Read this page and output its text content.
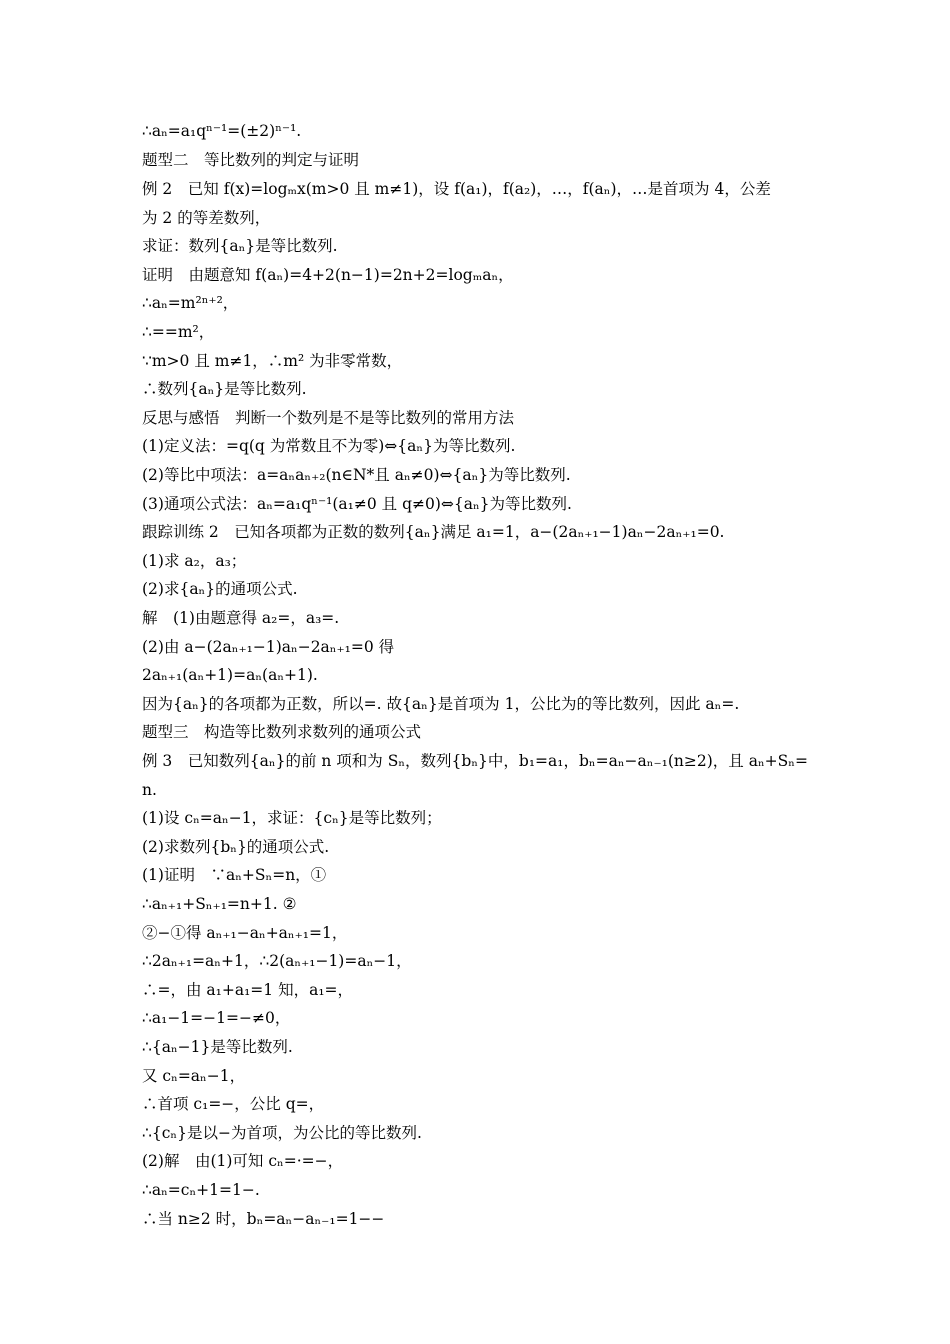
∴aₙ=a₁qⁿ⁻¹=(±2)ⁿ⁻¹.
题型二　等比数列的判定与证明
例 2　已知 f(x)=logₘx(m>0 且 m≠1)，设 f(a₁)，f(a₂)，…，f(aₙ)，…是首项为 4，公差
为 2 的等差数列，
求证：数列{aₙ}是等比数列.
证明　由题意知 f(aₙ)=4+2(n−1)=2n+2=logₘaₙ，
∴aₙ=m²ⁿ⁺²，
∴==m²，
∵m>0 且 m≠1，∴m² 为非零常数，
∴数列{aₙ}是等比数列.
反思与感悟　判断一个数列是不是等比数列的常用方法
(1)定义法：=q(q 为常数且不为零)⇔{aₙ}为等比数列.
(2)等比中项法：a=aₙaₙ₊₂(n∈N*且 aₙ≠0)⇔{aₙ}为等比数列.
(3)通项公式法：aₙ=a₁qⁿ⁻¹(a₁≠0 且 q≠0)⇔{aₙ}为等比数列.
跟踪训练 2　已知各项都为正数的数列{aₙ}满足 a₁=1，a−(2aₙ₊₁−1)aₙ−2aₙ₊₁=0.
(1)求 a₂，a₃；
(2)求{aₙ}的通项公式.
解　(1)由题意得 a₂=，a₃=.
(2)由 a−(2aₙ₊₁−1)aₙ−2aₙ₊₁=0 得
2aₙ₊₁(aₙ+1)=aₙ(aₙ+1).
因为{aₙ}的各项都为正数，所以=. 故{aₙ}是首项为 1，公比为的等比数列，因此 aₙ=.
题型三　构造等比数列求数列的通项公式
例 3　已知数列{aₙ}的前 n 项和为 Sₙ，数列{bₙ}中，b₁=a₁，bₙ=aₙ−aₙ₋₁(n≥2)，且 aₙ+Sₙ=
n.
(1)设 cₙ=aₙ−1，求证：{cₙ}是等比数列；
(2)求数列{bₙ}的通项公式.
(1)证明　∵aₙ+Sₙ=n，①
∴aₙ₊₁+Sₙ₊₁=n+1. ②
②−①得 aₙ₊₁−aₙ+aₙ₊₁=1，
∴2aₙ₊₁=aₙ+1，∴2(aₙ₊₁−1)=aₙ−1，
∴=，由 a₁+a₁=1 知，a₁=，
∴a₁−1=−1=−≠0，
∴{aₙ−1}是等比数列.
又 cₙ=aₙ−1，
∴首项 c₁=−，公比 q=，
∴{cₙ}是以−为首项，为公比的等比数列.
(2)解　由(1)可知 cₙ=·=−，
∴aₙ=cₙ+1=1−.
∴当 n≥2 时，bₙ=aₙ−aₙ₋₁=1−−
